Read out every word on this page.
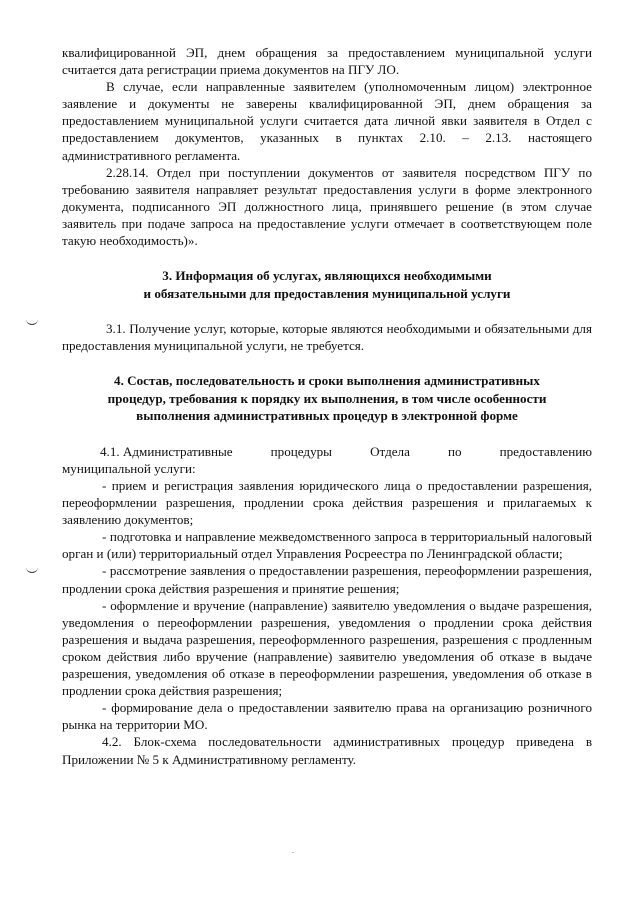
квалифицированной ЭП, днем обращения за предоставлением муниципальной услуги считается дата регистрации приема документов на ПГУ ЛО.

В случае, если направленные заявителем (уполномоченным лицом) электронное заявление и документы не заверены квалифицированной ЭП, днем обращения за предоставлением муниципальной услуги считается дата личной явки заявителя в Отдел с предоставлением документов, указанных в пунктах 2.10. – 2.13. настоящего административного регламента.

2.28.14. Отдел при поступлении документов от заявителя посредством ПГУ по требованию заявителя направляет результат предоставления услуги в форме электронного документа, подписанного ЭП должностного лица, принявшего решение (в этом случае заявитель при подаче запроса на предоставление услуги отмечает в соответствующем поле такую необходимость)».

3. Информация об услугах, являющихся необходимыми

и обязательными для предоставления муниципальной услуги

3.1. Получение услуг, которые, которые являются необходимыми и обязательными для предоставления муниципальной услуги, не требуется.

4. Состав, последовательность и сроки выполнения административных

процедур, требования к порядку их выполнения, в том числе особенности

выполнения административных процедур в электронной форме

4.1. Административные	процедуры	Отдела	по	предоставлению

муниципальной услуги:

- прием и регистрация заявления юридического лица о предоставлении разрешения, переоформлении разрешения, продлении срока действия разрешения и прилагаемых к заявлению документов;

- подготовка и направление межведомственного запроса в территориальный налоговый орган и (или) территориальный отдел Управления Росреестра по Ленинградской области;

- рассмотрение заявления о предоставлении разрешения, переоформлении разрешения, продлении срока действия разрешения и принятие решения;

- оформление и вручение (направление) заявителю уведомления о выдаче разрешения, уведомления о переоформлении разрешения, уведомления о продлении срока действия разрешения и выдача разрешения, переоформленного разрешения, разрешения с продленным сроком действия либо вручение (направление) заявителю уведомления об отказе в выдаче разрешения, уведомления об отказе в переоформлении разрешения, уведомления об отказе в продлении срока действия разрешения;

- формирование дела о предоставлении заявителю права на организацию розничного рынка на территории МО.

4.2. Блок-схема последовательности административных процедур приведена в Приложении № 5 к Административному регламенту.
